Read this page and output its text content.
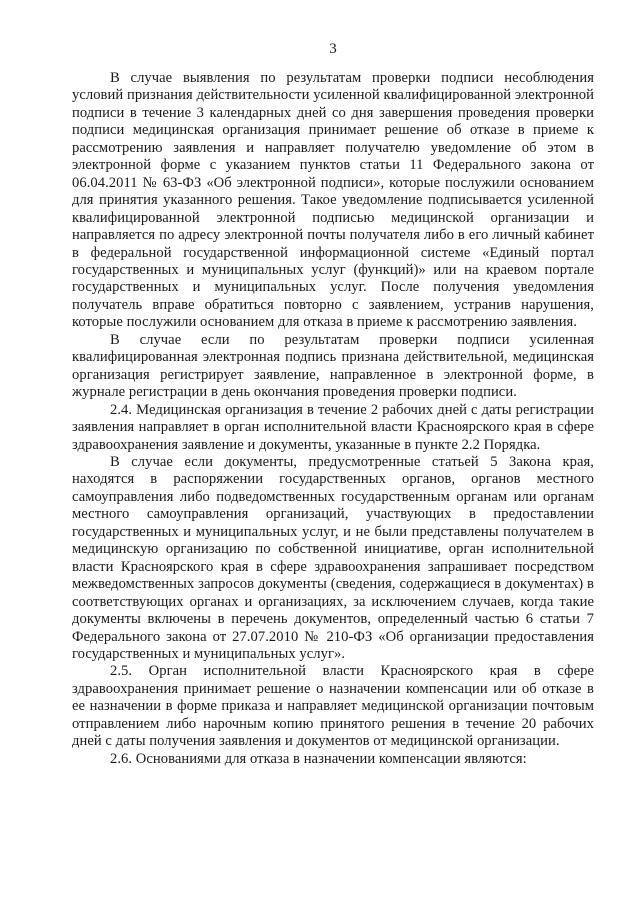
3

В случае выявления по результатам проверки подписи несоблюдения условий признания действительности усиленной квалифицированной электронной подписи в течение 3 календарных дней со дня завершения проведения проверки подписи медицинская организация принимает решение об отказе в приеме к рассмотрению заявления и направляет получателю уведомление об этом в электронной форме с указанием пунктов статьи 11 Федерального закона от 06.04.2011 № 63-ФЗ «Об электронной подписи», которые послужили основанием для принятия указанного решения. Такое уведомление подписывается усиленной квалифицированной электронной подписью медицинской организации и направляется по адресу электронной почты получателя либо в его личный кабинет в федеральной государственной информационной системе «Единый портал государственных и муниципальных услуг (функций)» или на краевом портале государственных и муниципальных услуг. После получения уведомления получатель вправе обратиться повторно с заявлением, устранив нарушения, которые послужили основанием для отказа в приеме к рассмотрению заявления.

В случае если по результатам проверки подписи усиленная квалифицированная электронная подпись признана действительной, медицинская организация регистрирует заявление, направленное в электронной форме, в журнале регистрации в день окончания проведения проверки подписи.

2.4. Медицинская организация в течение 2 рабочих дней с даты регистрации заявления направляет в орган исполнительной власти Красноярского края в сфере здравоохранения заявление и документы, указанные в пункте 2.2 Порядка.

В случае если документы, предусмотренные статьей 5 Закона края, находятся в распоряжении государственных органов, органов местного самоуправления либо подведомственных государственным органам или органам местного самоуправления организаций, участвующих в предоставлении государственных и муниципальных услуг, и не были представлены получателем в медицинскую организацию по собственной инициативе, орган исполнительной власти Красноярского края в сфере здравоохранения запрашивает посредством межведомственных запросов документы (сведения, содержащиеся в документах) в соответствующих органах и организациях, за исключением случаев, когда такие документы включены в перечень документов, определенный частью 6 статьи 7 Федерального закона от 27.07.2010 № 210-ФЗ «Об организации предоставления государственных и муниципальных услуг».

2.5. Орган исполнительной власти Красноярского края в сфере здравоохранения принимает решение о назначении компенсации или об отказе в ее назначении в форме приказа и направляет медицинской организации почтовым отправлением либо нарочным копию принятого решения в течение 20 рабочих дней с даты получения заявления и документов от медицинской организации.

2.6. Основаниями для отказа в назначении компенсации являются:
